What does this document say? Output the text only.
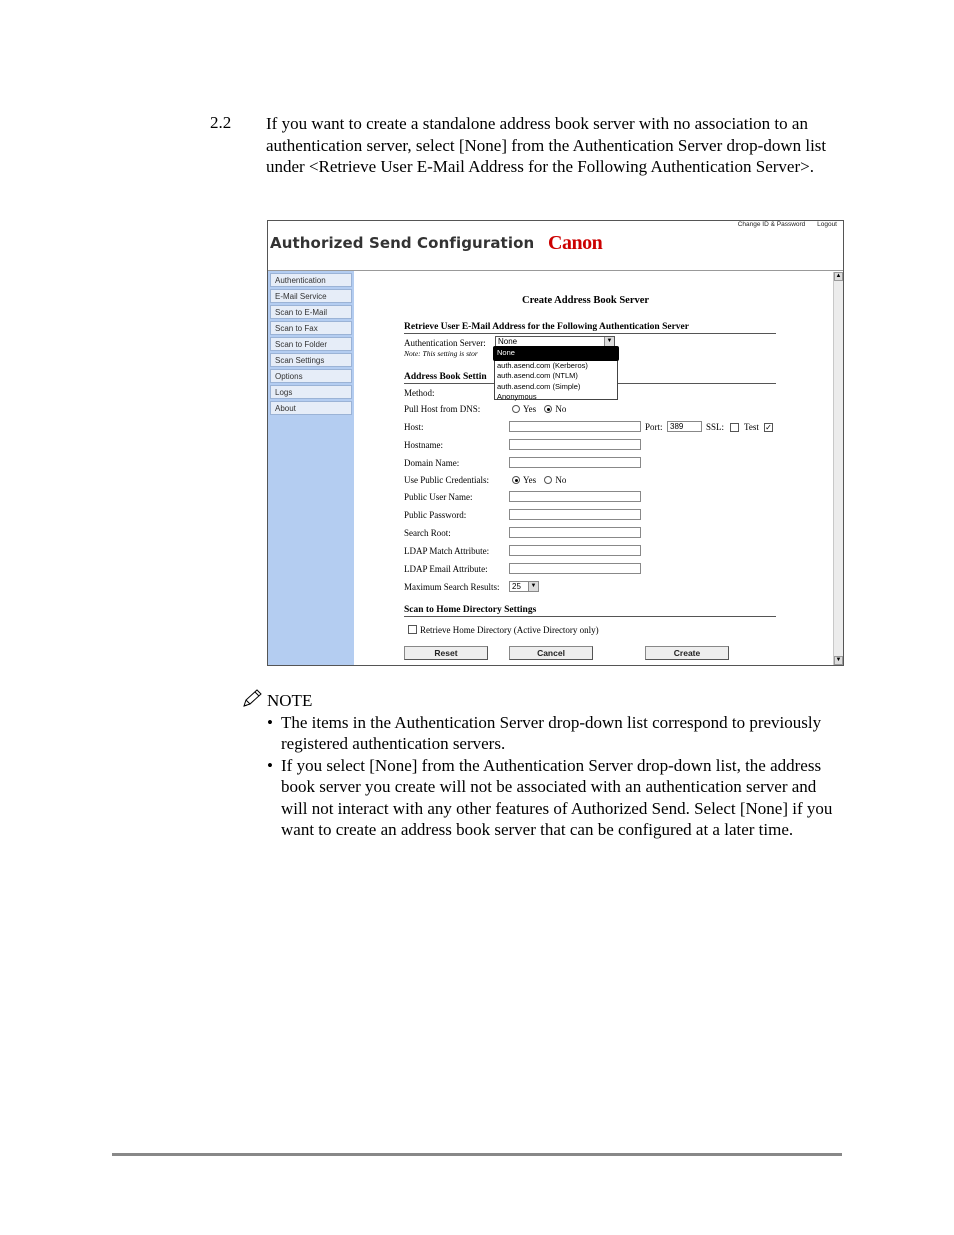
2.2 If you want to create a standalone address book server with no association to an authentication server, select [None] from the Authentication Server drop-down list under <Retrieve User E-Mail Address for the Following Authentication Server>.
Change ID & Password Logout
Authorized Send Configuration Canon
Authentication
E-Mail Service
Scan to E-Mail
Scan to Fax
Scan to Folder
Scan Settings
Options
Logs
About
▲
▼
Create Address Book Server
Retrieve User E-Mail Address for the Following Authentication Server
Authentication Server:	None	▼
Note: This setting is stor
Address Book Settin
Method:
Pull Host from DNS:	Yes No
Host:	Port: 389	SSL: Test ✓
Hostname:
Domain Name:
Use Public Credentials:	Yes No
Public User Name:
Public Password:
Search Root:
LDAP Match Attribute:
LDAP Email Attribute:
Maximum Search Results:	25	▼
Scan to Home Directory Settings
Retrieve Home Directory (Active Directory only)
Reset	Cancel	Create
None
auth.asend.com (Kerberos)
auth.asend.com (NTLM)
auth.asend.com (Simple)
Anonymous
NOTE
• The items in the Authentication Server drop-down list correspond to previously registered authentication servers.
• If you select [None] from the Authentication Server drop-down list, the address book server you create will not be associated with an authentication server and will not interact with any other features of Authorized Send. Select [None] if you want to create an address book server that can be configured at a later time.
